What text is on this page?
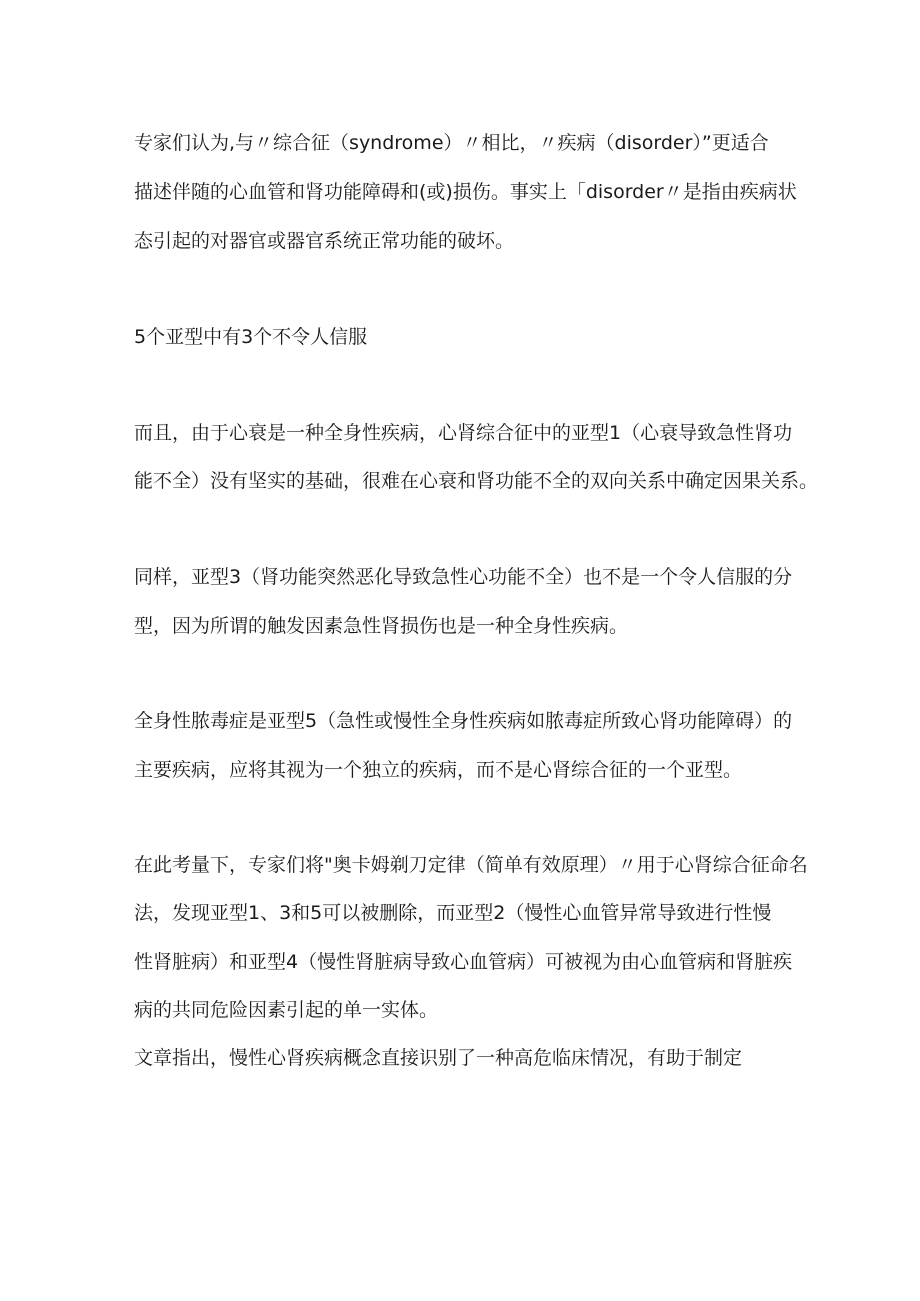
专家们认为,与〃综合征（syndrome）〃相比，〃疾病（disorder）”更适合
描述伴随的心血管和肾功能障碍和(或)损伤。事实上「disorder〃是指由疾病状
态引起的对器官或器官系统正常功能的破坏。
5个亚型中有3个不令人信服
而且，由于心衰是一种全身性疾病，心肾综合征中的亚型1（心衰导致急性肾功
能不全）没有坚实的基础，很难在心衰和肾功能不全的双向关系中确定因果关系。
同样，亚型3（肾功能突然恶化导致急性心功能不全）也不是一个令人信服的分
型，因为所谓的触发因素急性肾损伤也是一种全身性疾病。
全身性脓毒症是亚型5（急性或慢性全身性疾病如脓毒症所致心肾功能障碍）的
主要疾病，应将其视为一个独立的疾病，而不是心肾综合征的一个亚型。
在此考量下，专家们将"奥卡姆剃刀定律（简单有效原理）〃用于心肾综合征命名
法，发现亚型1、3和5可以被删除，而亚型2（慢性心血管异常导致进行性慢
性肾脏病）和亚型4（慢性肾脏病导致心血管病）可被视为由心血管病和肾脏疾
病的共同危险因素引起的单一实体。
文章指出，慢性心肾疾病概念直接识别了一种高危临床情况，有助于制定
